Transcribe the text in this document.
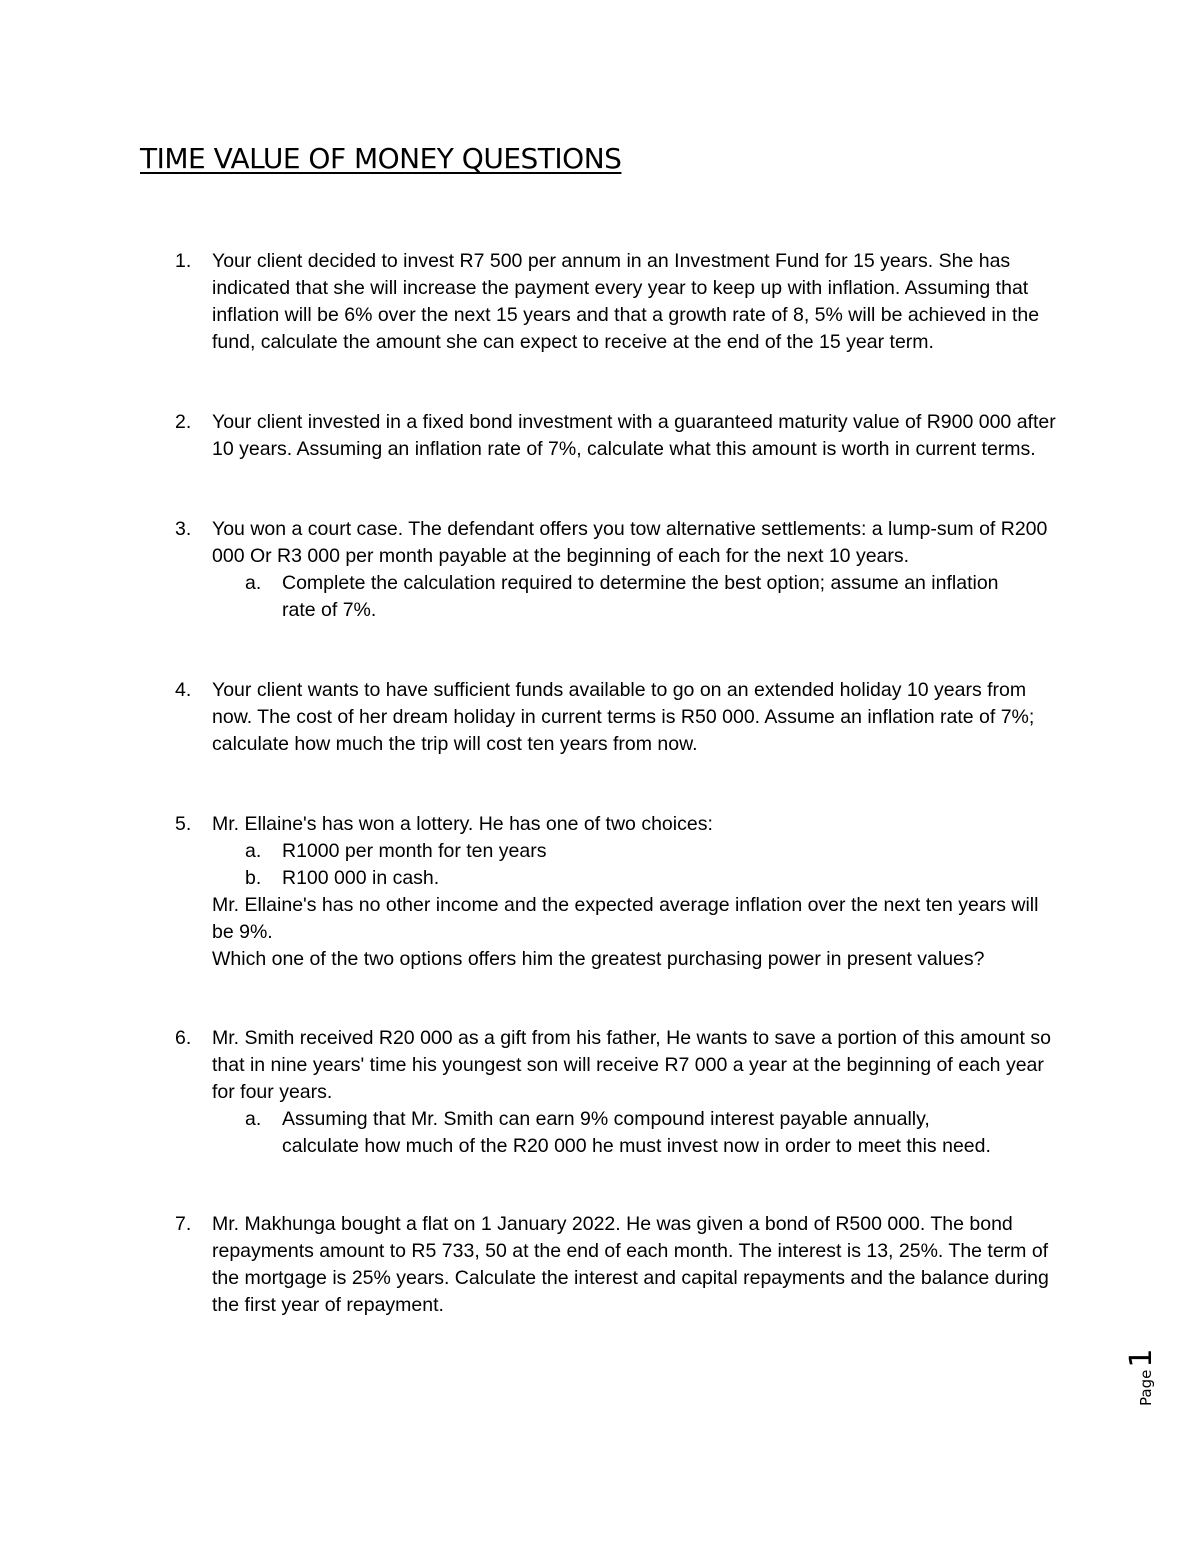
TIME VALUE OF MONEY QUESTIONS
1. Your client decided to invest R7 500 per annum in an Investment Fund for 15 years. She has indicated that she will increase the payment every year to keep up with inflation. Assuming that inflation will be 6% over the next 15 years and that a growth rate of 8, 5% will be achieved in the fund, calculate the amount she can expect to receive at the end of the 15 year term.
2. Your client invested in a fixed bond investment with a guaranteed maturity value of R900 000 after 10 years. Assuming an inflation rate of 7%, calculate what this amount is worth in current terms.
3. You won a court case. The defendant offers you tow alternative settlements: a lump-sum of R200 000 Or R3 000 per month payable at the beginning of each for the next 10 years.
a. Complete the calculation required to determine the best option; assume an inflation rate of 7%.
4. Your client wants to have sufficient funds available to go on an extended holiday 10 years from now. The cost of her dream holiday in current terms is R50 000. Assume an inflation rate of 7%; calculate how much the trip will cost ten years from now.
5. Mr. Ellaine's has won a lottery. He has one of two choices:
a. R1000 per month for ten years
b. R100 000 in cash.
Mr. Ellaine's has no other income and the expected average inflation over the next ten years will be 9%.
Which one of the two options offers him the greatest purchasing power in present values?
6. Mr. Smith received R20 000 as a gift from his father, He wants to save a portion of this amount so that in nine years' time his youngest son will receive R7 000 a year at the beginning of each year for four years.
a. Assuming that Mr. Smith can earn 9% compound interest payable annually, calculate how much of the R20 000 he must invest now in order to meet this need.
7. Mr. Makhunga bought a flat on 1 January 2022. He was given a bond of R500 000. The bond repayments amount to R5 733, 50 at the end of each month. The interest is 13, 25%. The term of the mortgage is 25% years. Calculate the interest and capital repayments and the balance during the first year of repayment.
Page
1
